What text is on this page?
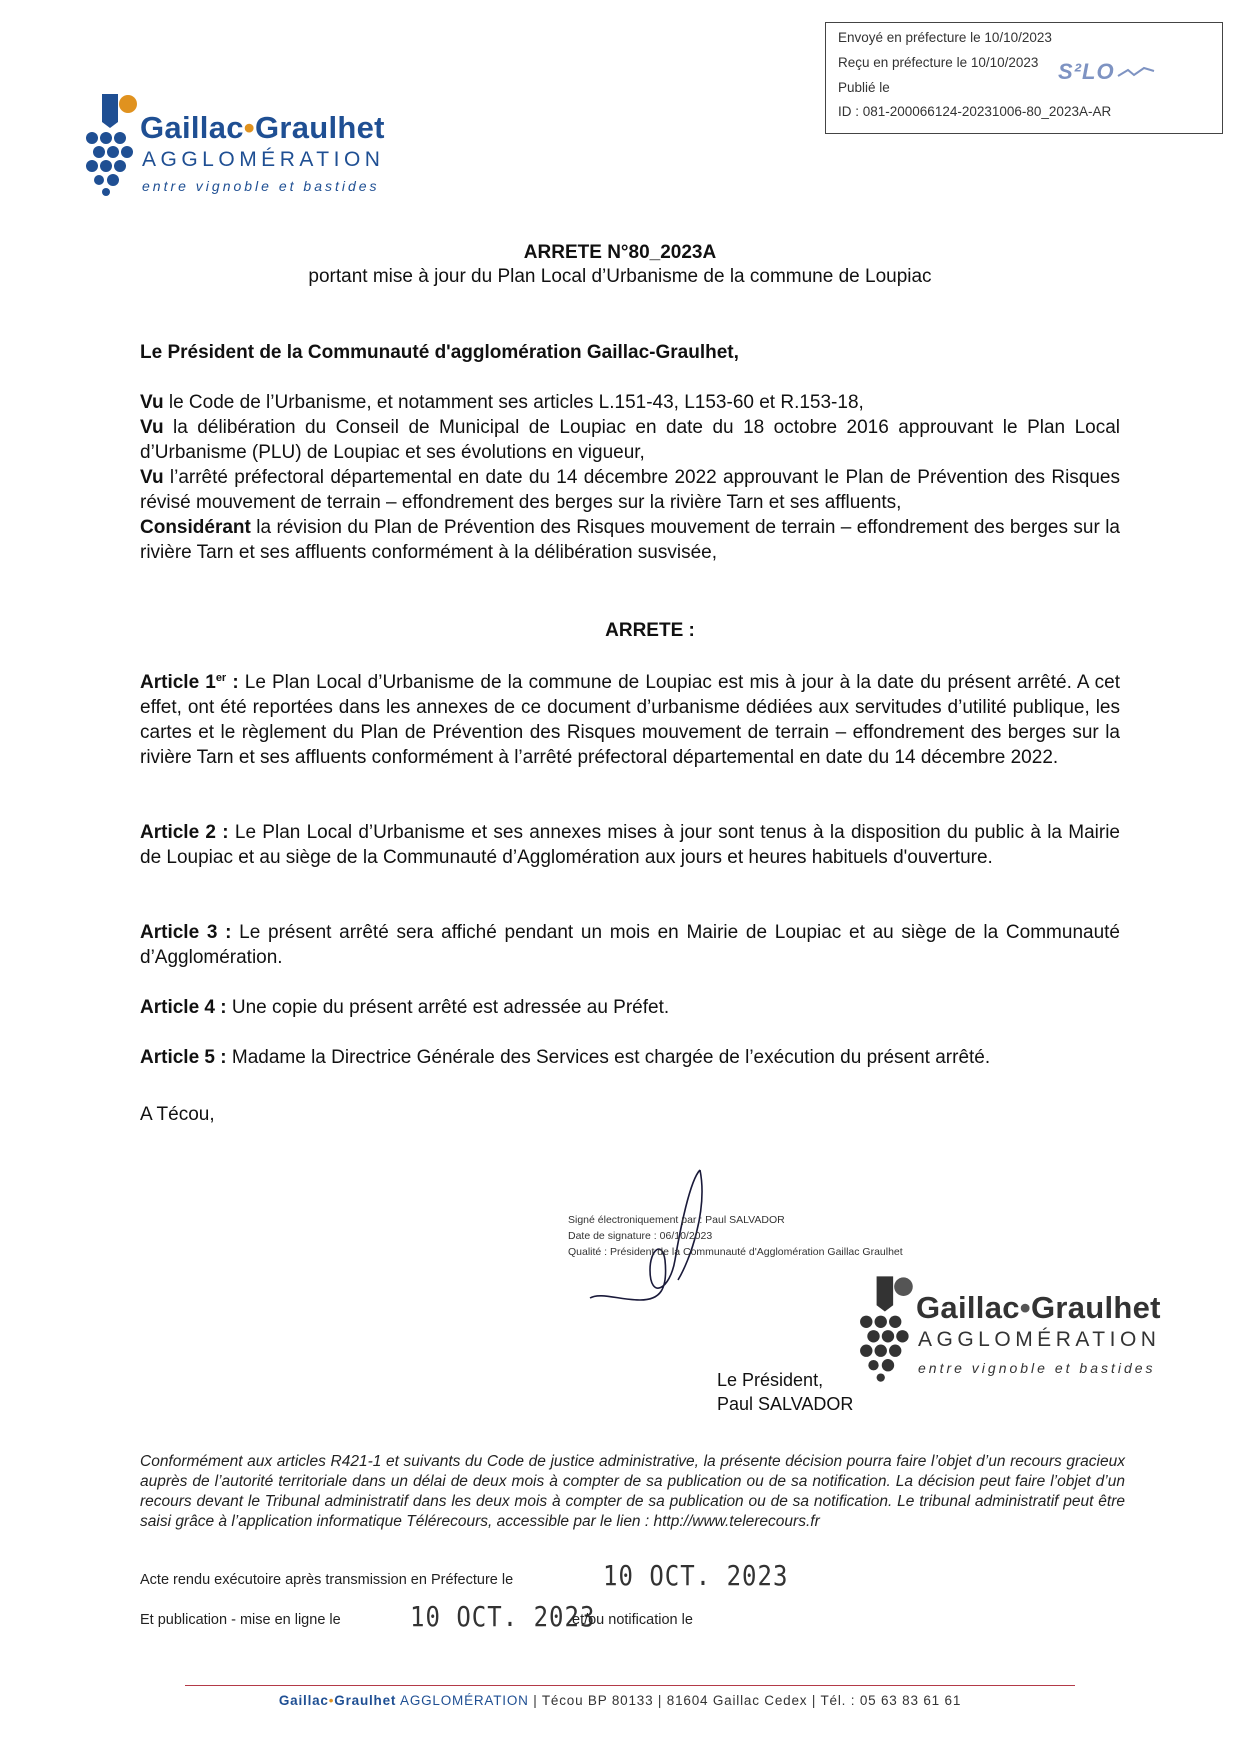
Envoyé en préfecture le 10/10/2023
Reçu en préfecture le 10/10/2023
Publié le
ID : 081-200066124-20231006-80_2023A-AR
S²LO
Gaillac•Graulhet
AGGLOMÉRATION
entre vignoble et bastides
ARRETE N°80_2023A
portant mise à jour du Plan Local d’Urbanisme de la commune de Loupiac
Le Président de la Communauté d'agglomération Gaillac-Graulhet,
Vu le Code de l’Urbanisme, et notamment ses articles L.151-43, L153-60 et R.153-18,
Vu la délibération du Conseil de Municipal de Loupiac en date du 18 octobre 2016 approuvant le Plan Local d’Urbanisme (PLU) de Loupiac et ses évolutions en vigueur,
Vu l’arrêté préfectoral départemental en date du 14 décembre 2022 approuvant le Plan de Prévention des Risques révisé mouvement de terrain – effondrement des berges sur la rivière Tarn et ses affluents,
Considérant la révision du Plan de Prévention des Risques mouvement de terrain – effondrement des berges sur la rivière Tarn et ses affluents conformément à la délibération susvisée,
ARRETE :
Article 1er : Le Plan Local d’Urbanisme de la commune de Loupiac est mis à jour à la date du présent arrêté. A cet effet, ont été reportées dans les annexes de ce document d’urbanisme dédiées aux servitudes d’utilité publique, les cartes et le règlement du Plan de Prévention des Risques mouvement de terrain – effondrement des berges sur la rivière Tarn et ses affluents conformément à l’arrêté préfectoral départemental en date du 14 décembre 2022.
Article 2 : Le Plan Local d’Urbanisme et ses annexes mises à jour sont tenus à la disposition du public à la Mairie de Loupiac et au siège de la Communauté d’Agglomération aux jours et heures habituels d'ouverture.
Article 3 : Le présent arrêté sera affiché pendant un mois en Mairie de Loupiac et au siège de la Communauté d’Agglomération.
Article 4 : Une copie du présent arrêté est adressée au Préfet.
Article 5 : Madame la Directrice Générale des Services est chargée de l’exécution du présent arrêté.
A Técou,
Signé électroniquement par : Paul SALVADOR
Date de signature : 06/10/2023
Qualité : Président de la Communauté d'Agglomération Gaillac Graulhet
Gaillac•Graulhet
AGGLOMÉRATION
entre vignoble et bastides
Le Président,
Paul SALVADOR
Conformément aux articles R421-1 et suivants du Code de justice administrative, la présente décision pourra faire l’objet d’un recours gracieux auprès de l’autorité territoriale dans un délai de deux mois à compter de sa publication ou de sa notification. La décision peut faire l’objet d’un recours devant le Tribunal administratif dans les deux mois à compter de sa publication ou de sa notification. Le tribunal administratif peut être saisi grâce à l’application informatique Télérecours, accessible par le lien : http://www.telerecours.fr
Acte rendu exécutoire après transmission en Préfecture le	10 OCT. 2023
Et publication - mise en ligne le	10 OCT. 2023
et/ou notification le
Gaillac•Graulhet AGGLOMÉRATION | Técou BP 80133 | 81604 Gaillac Cedex | Tél. : 05 63 83 61 61
